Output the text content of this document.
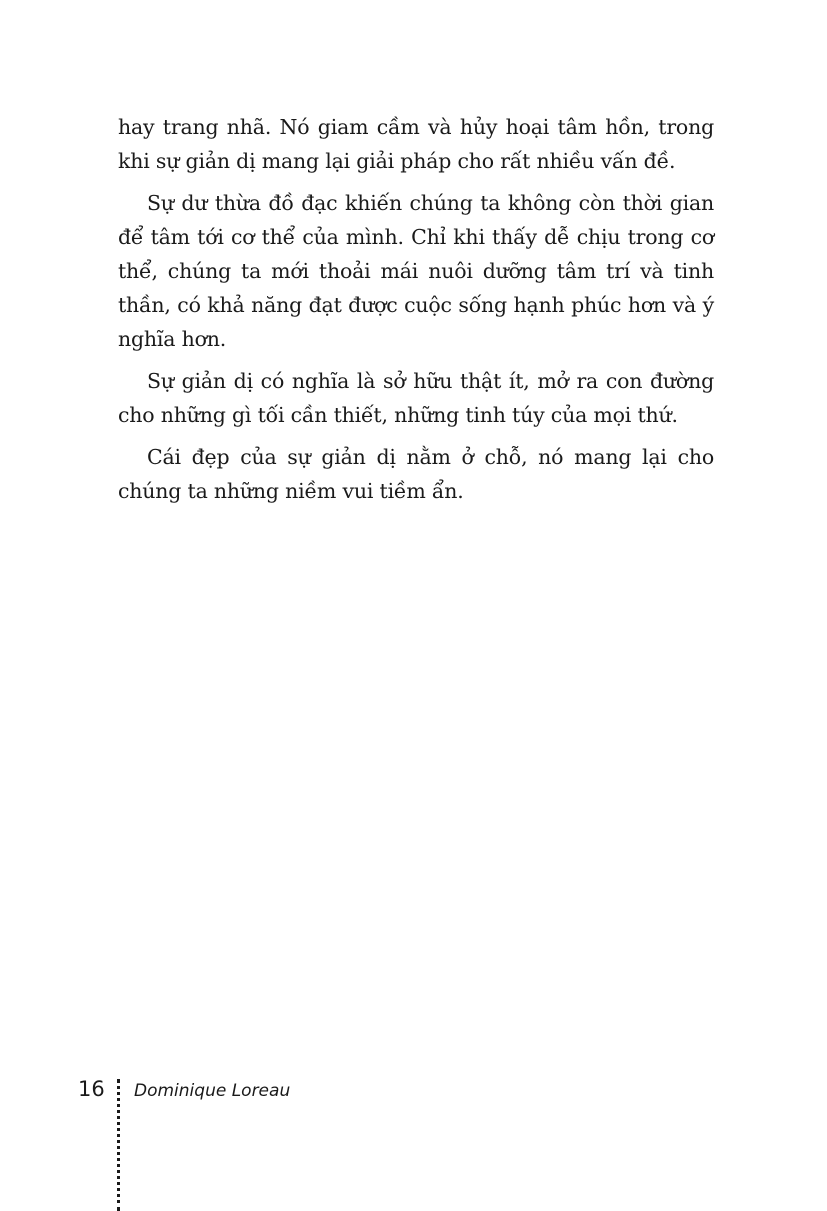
hay trang nhã. Nó giam cầm và hủy hoại tâm hồn, trong khi sự giản dị mang lại giải pháp cho rất nhiều vấn đề.

Sự dư thừa đồ đạc khiến chúng ta không còn thời gian để tâm tới cơ thể của mình. Chỉ khi thấy dễ chịu trong cơ thể, chúng ta mới thoải mái nuôi dưỡng tâm trí và tinh thần, có khả năng đạt được cuộc sống hạnh phúc hơn và ý nghĩa hơn.

Sự giản dị có nghĩa là sở hữu thật ít, mở ra con đường cho những gì tối cần thiết, những tinh túy của mọi thứ.

Cái đẹp của sự giản dị nằm ở chỗ, nó mang lại cho chúng ta những niềm vui tiềm ẩn.

16 Dominique Loreau
